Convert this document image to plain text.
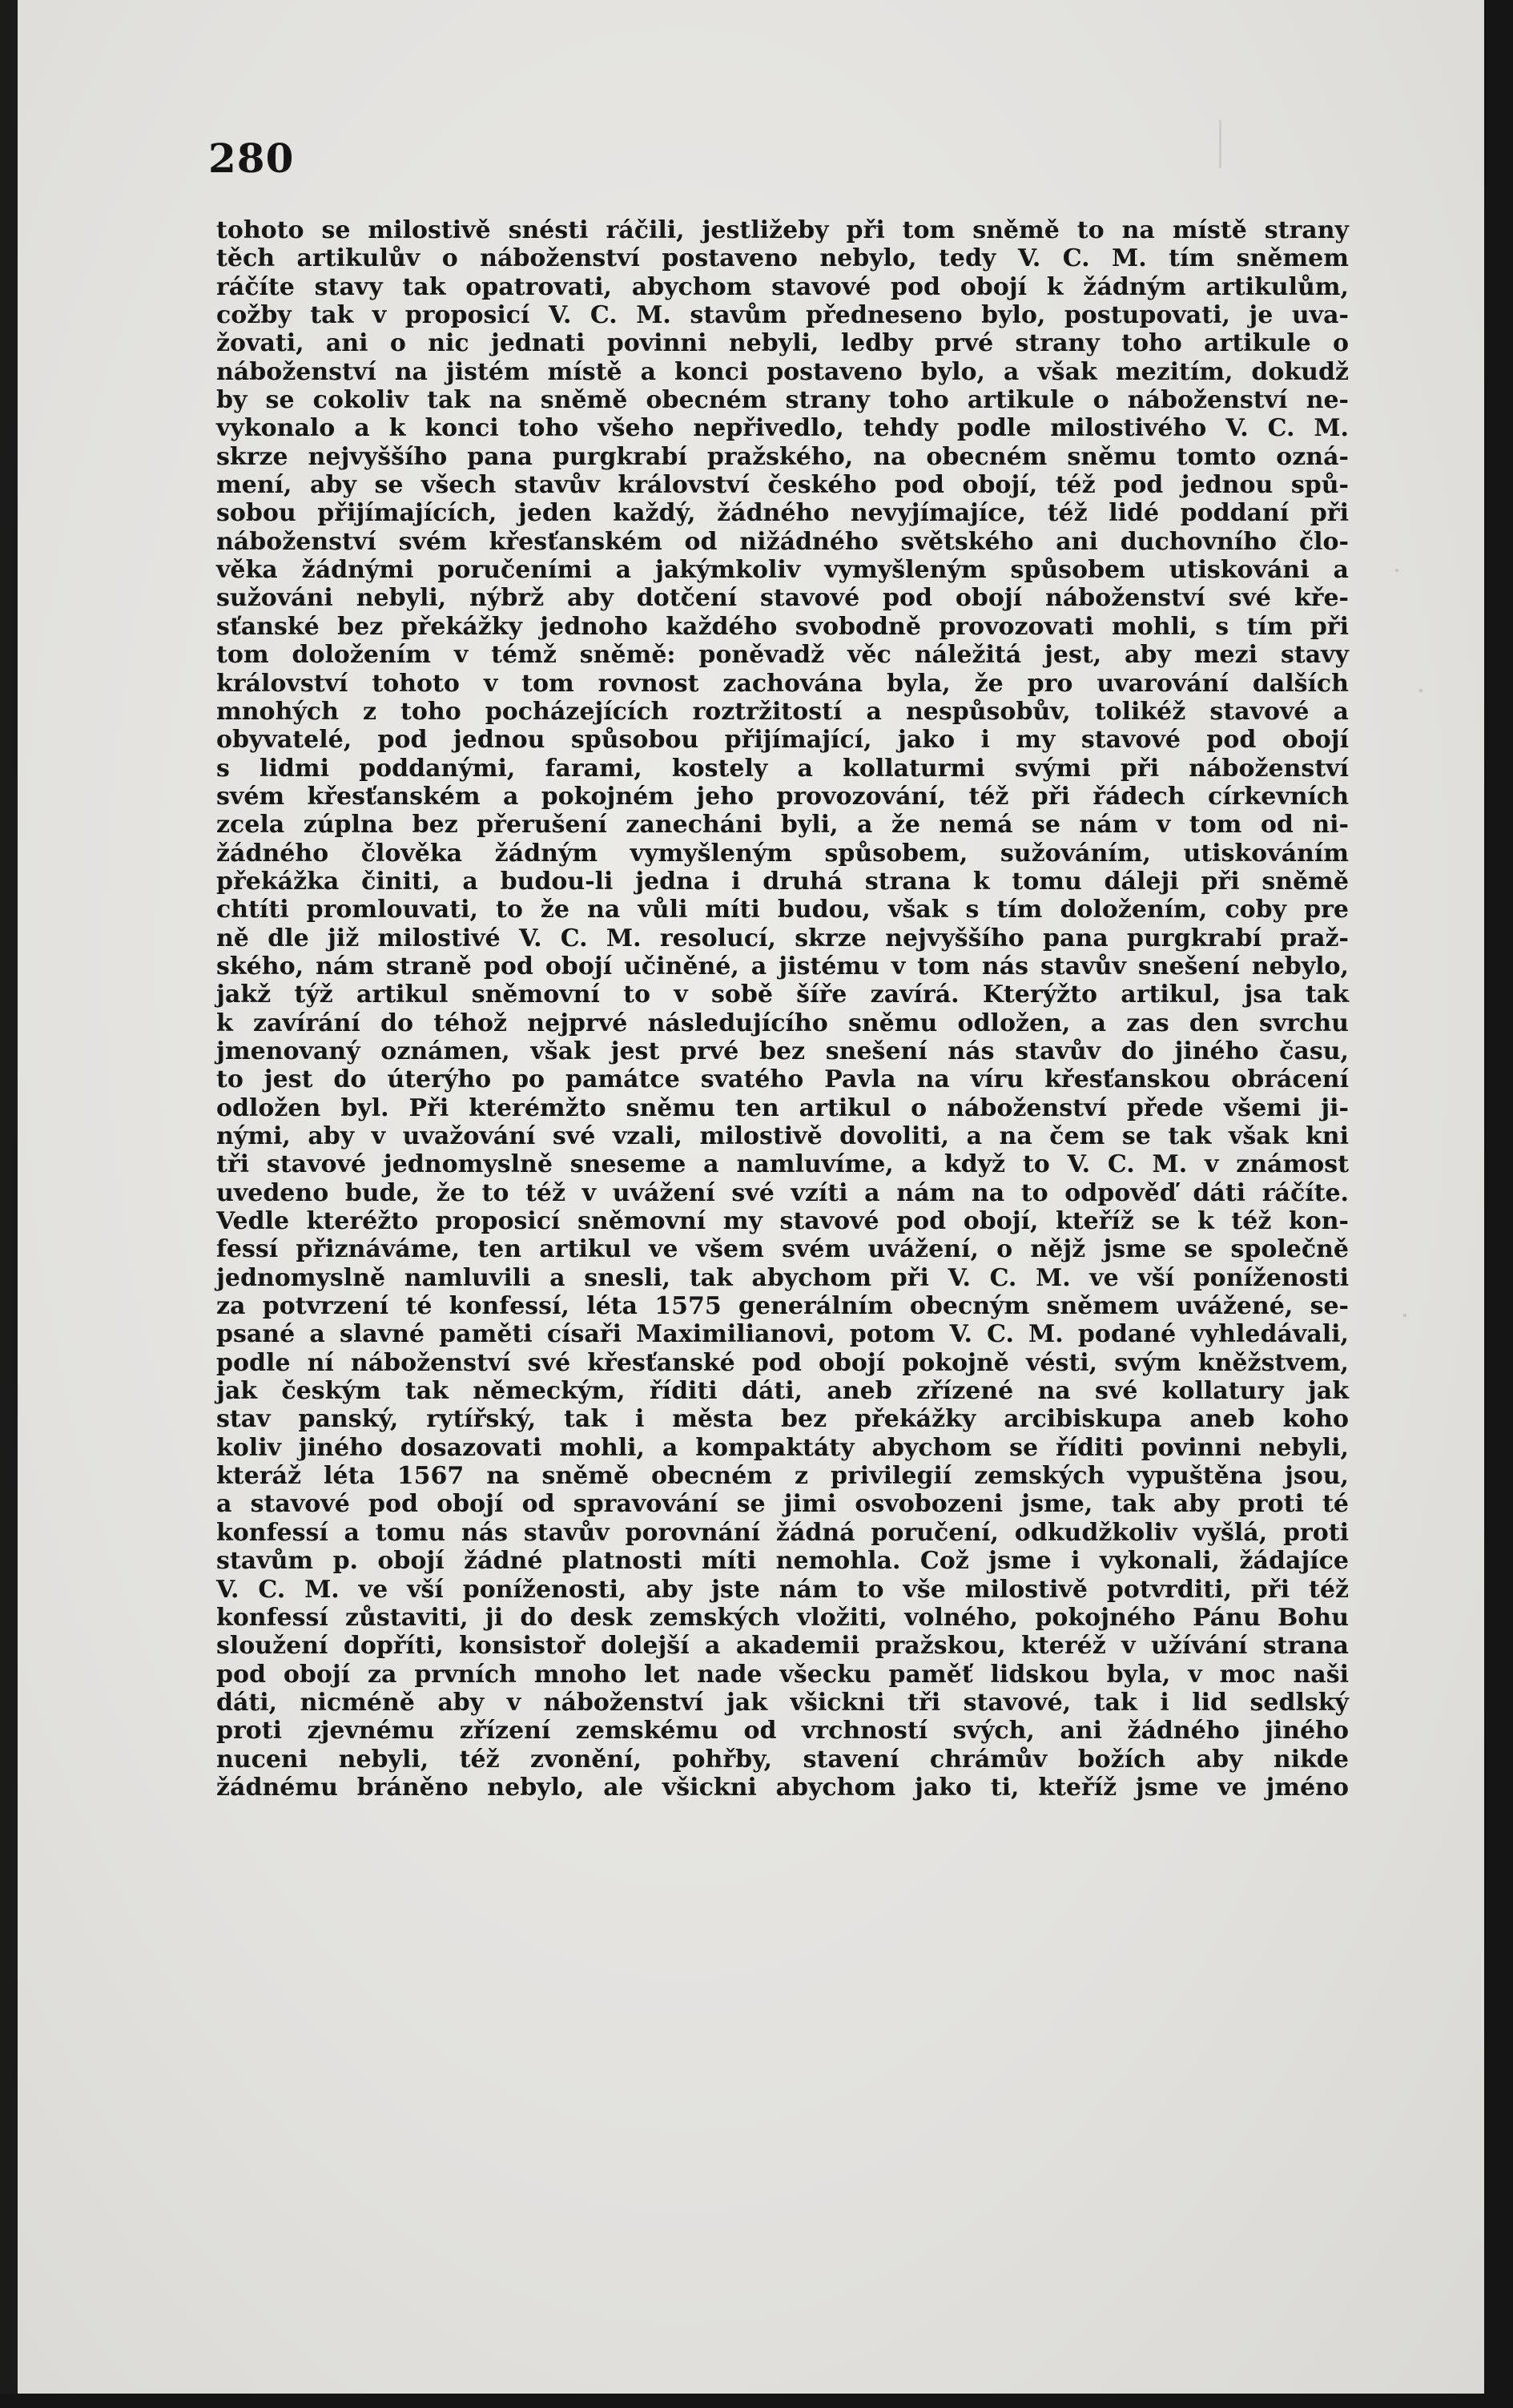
280
tohoto se milostivě snésti ráčili, jestližeby při tom sněmě to na místě strany
těch artikulův o náboženství postaveno nebylo, tedy V. C. M. tím sněmem
ráčíte stavy tak opatrovati, abychom stavové pod obojí k žádným artikulům,
cožby tak v proposicí V. C. M. stavům předneseno bylo, postupovati, je uva-
žovati, ani o nic jednati povinni nebyli, ledby prvé strany toho artikule o
náboženství na jistém místě a konci postaveno bylo, a však mezitím, dokudž
by se cokoliv tak na sněmě obecném strany toho artikule o náboženství ne-
vykonalo a k konci toho všeho nepřivedlo, tehdy podle milostivého V. C. M.
skrze nejvyššího pana purgkrabí pražského, na obecném sněmu tomto ozná-
mení, aby se všech stavův království českého pod obojí, též pod jednou spů-
sobou přijímajících, jeden každý, žádného nevyjímajíce, též lidé poddaní při
náboženství svém křesťanském od nižádného světského ani duchovního člo-
věka žádnými poručeními a jakýmkoliv vymyšleným spůsobem utiskováni a
sužováni nebyli, nýbrž aby dotčení stavové pod obojí náboženství své kře-
sťanské bez překážky jednoho každého svobodně provozovati mohli, s tím při
tom doložením v témž sněmě: poněvadž věc náležitá jest, aby mezi stavy
království tohoto v tom rovnost zachována byla, že pro uvarování dalších
mnohých z toho pocházejících roztržitostí a nespůsobův, tolikéž stavové a
obyvatelé, pod jednou spůsobou přijímající, jako i my stavové pod obojí
s lidmi poddanými, farami, kostely a kollaturmi svými při náboženství
svém křesťanském a pokojném jeho provozování, též při řádech církevních
zcela zúplna bez přerušení zanecháni byli, a že nemá se nám v tom od ni-
žádného člověka žádným vymyšleným spůsobem, sužováním, utiskováním
překážka činiti, a budou-li jedna i druhá strana k tomu dáleji při sněmě
chtíti promlouvati, to že na vůli míti budou, však s tím doložením, coby pre
ně dle již milostivé V. C. M. resolucí, skrze nejvyššího pana purgkrabí praž-
ského, nám straně pod obojí učiněné, a jistému v tom nás stavův snešení nebylo,
jakž týž artikul sněmovní to v sobě šíře zavírá. Kterýžto artikul, jsa tak
k zavírání do téhož nejprvé následujícího sněmu odložen, a zas den svrchu
jmenovaný oznámen, však jest prvé bez snešení nás stavův do jiného času,
to jest do úterýho po památce svatého Pavla na víru křesťanskou obrácení
odložen byl. Při kterémžto sněmu ten artikul o náboženství přede všemi ji-
nými, aby v uvažování své vzali, milostivě dovoliti, a na čem se tak však kni
tři stavové jednomyslně sneseme a namluvíme, a když to V. C. M. v známost
uvedeno bude, že to též v uvážení své vzíti a nám na to odpověď dáti ráčíte.
Vedle kteréžto proposicí sněmovní my stavové pod obojí, kteříž se k též kon-
fessí přiznáváme, ten artikul ve všem svém uvážení, o nějž jsme se společně
jednomyslně namluvili a snesli, tak abychom při V. C. M. ve vší poníženosti
za potvrzení té konfessí, léta 1575 generálním obecným sněmem uvážené, se-
psané a slavné paměti císaři Maximilianovi, potom V. C. M. podané vyhledávali,
podle ní náboženství své křesťanské pod obojí pokojně vésti, svým kněžstvem,
jak českým tak německým, říditi dáti, aneb zřízené na své kollatury jak
stav panský, rytířský, tak i města bez překážky arcibiskupa aneb koho
koliv jiného dosazovati mohli, a kompaktáty abychom se říditi povinni nebyli,
kteráž léta 1567 na sněmě obecném z privilegií zemských vypuštěna jsou,
a stavové pod obojí od spravování se jimi osvobozeni jsme, tak aby proti té
konfessí a tomu nás stavův porovnání žádná poručení, odkudžkoliv vyšlá, proti
stavům p. obojí žádné platnosti míti nemohla. Což jsme i vykonali, žádajíce
V. C. M. ve vší poníženosti, aby jste nám to vše milostivě potvrditi, při též
konfessí zůstaviti, ji do desk zemských vložiti, volného, pokojného Pánu Bohu
sloužení dopříti, konsistoř dolejší a akademii pražskou, kteréž v užívání strana
pod obojí za prvních mnoho let nade všecku paměť lidskou byla, v moc naši
dáti, nicméně aby v náboženství jak všickni tři stavové, tak i lid sedlský
proti zjevnému zřízení zemskému od vrchností svých, ani žádného jiného
nuceni nebyli, též zvonění, pohřby, stavení chrámův božích aby nikde
žádnému bráněno nebylo, ale všickni abychom jako ti, kteříž jsme ve jméno
